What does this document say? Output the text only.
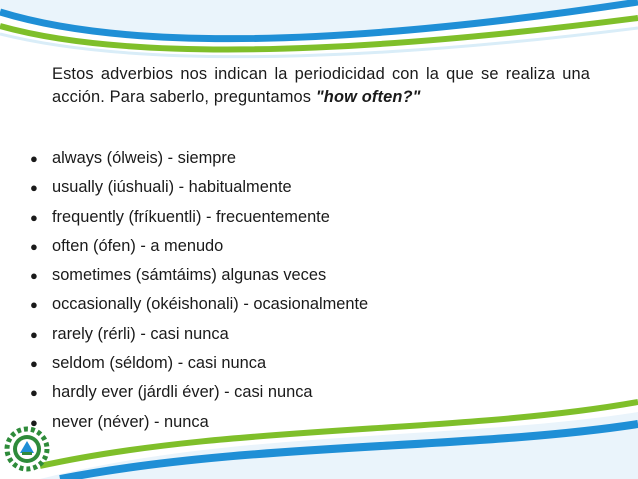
Estos adverbios nos indican la periodicidad con la que se realiza una acción. Para saberlo, preguntamos "how often?"
● always (ólweis) - siempre
● usually (iúshuali) - habitualmente
● frequently (fríkuentli) - frecuentemente
● often (ófen) - a menudo
● sometimes (sámtáims) algunas veces
● occasionally (okéishonali) - ocasionalmente
● rarely (rérli) - casi nunca
● seldom (séldom) - casi nunca
● hardly ever (járdli éver) - casi nunca
● never (néver) - nunca
